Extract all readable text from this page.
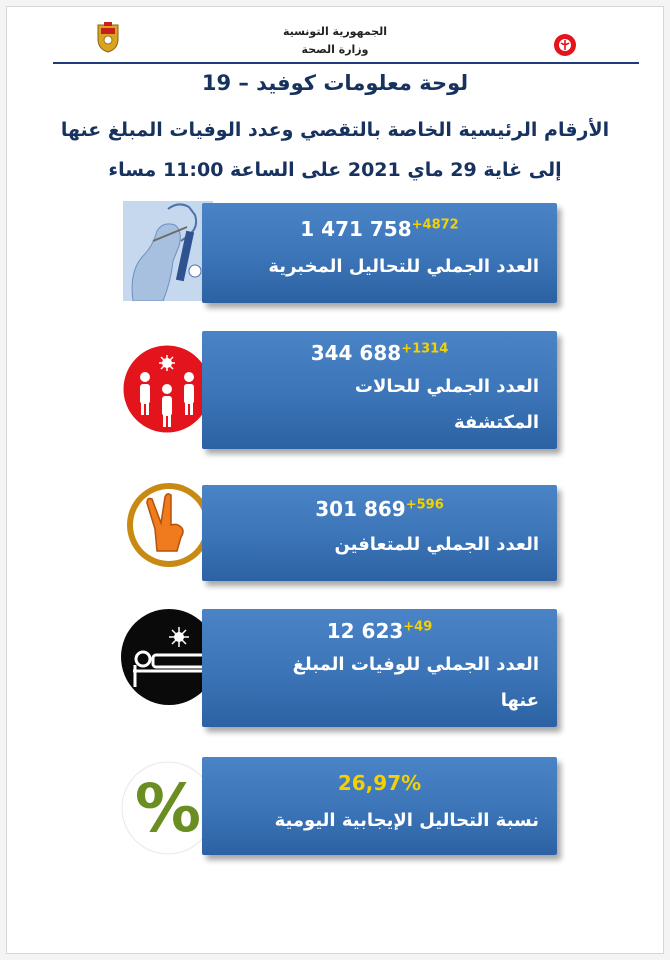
الجمهورية التونسية
وزارة الصحة
لوحة معلومات كوفيد – 19
الأرقام الرئيسية الخاصة بالتقصي وعدد الوفيات المبلغ عنها
إلى غاية 29 ماي 2021 على الساعة 11:00 مساء
1 471 $758^{+4872}$
العدد الجملي للتحاليل المخبرية
344 $688^{+1314}$
العدد الجملي للحالات
المكتشفة
301 $869^{+596}$
العدد الجملي للمتعافين
12 $623^{+49}$
العدد الجملي للوفيات المبلغ
عنها
%	26,97%
نسبة التحاليل الإيجابية اليومية
